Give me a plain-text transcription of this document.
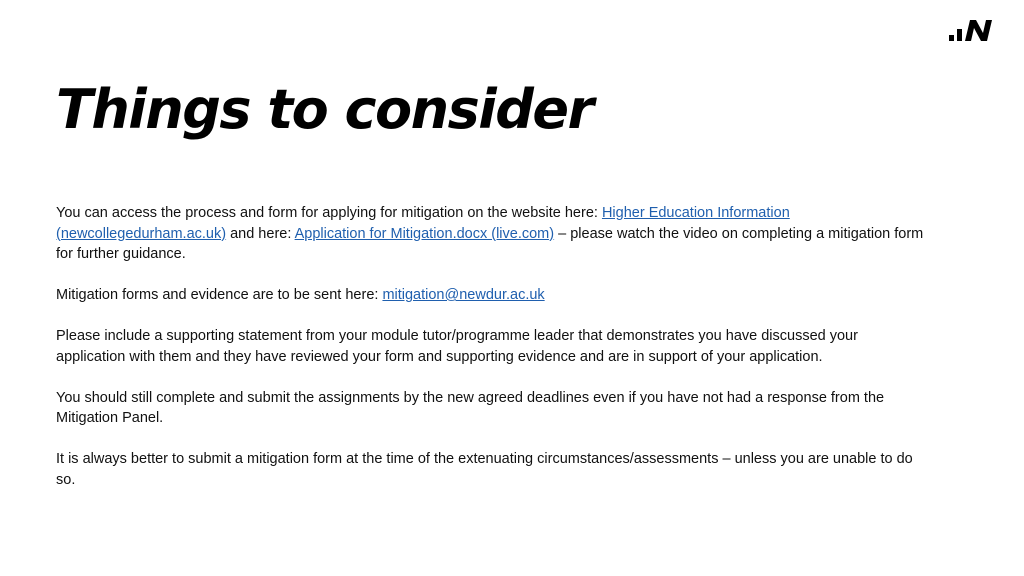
Things to consider

You can access the process and form for applying for mitigation on the website here: Higher Education Information (newcollegedurham.ac.uk) and here: Application for Mitigation.docx (live.com) – please watch the video on completing a mitigation form for further guidance.

Mitigation forms and evidence are to be sent here: mitigation@newdur.ac.uk

Please include a supporting statement from your module tutor/programme leader that demonstrates you have discussed your application with them and they have reviewed your form and supporting evidence and are in support of your application.

You should still complete and submit the assignments by the new agreed deadlines even if you have not had a response from the Mitigation Panel.

It is always better to submit a mitigation form at the time of the extenuating circumstances/assessments – unless you are unable to do so.
